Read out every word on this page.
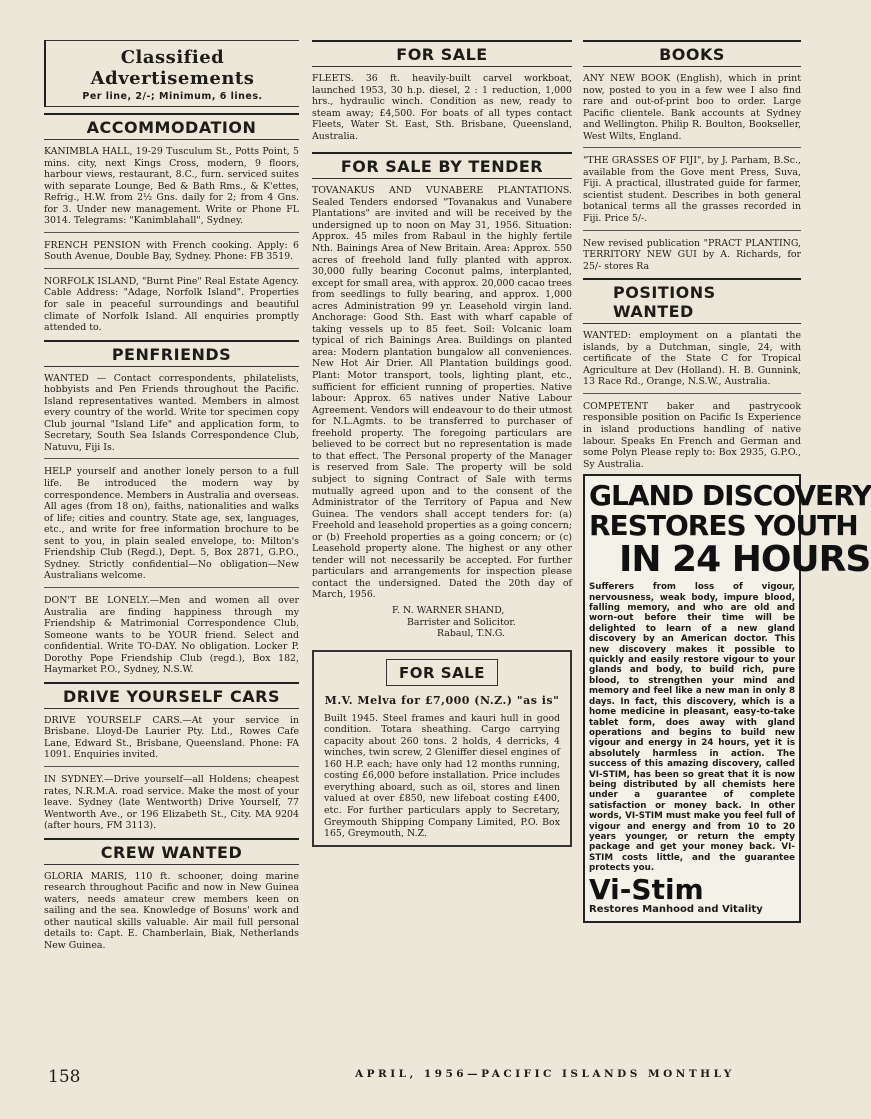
Classified Advertisements
Per line, 2/-; Minimum, 6 lines.
ACCOMMODATION

KANIMBLA HALL, 19-29 Tusculum St., Potts Point, 5 mins. city, next Kings Cross, modern, 9 floors, harbour views, restaurant, 8.C., furn. serviced suites with separate Lounge, Bed & Bath Rms., & K'ettes, Refrig., H.W. from 2½ Gns. daily for 2; from 4 Gns. for 3. Under new management. Write or Phone FL 3014. Telegrams: "Kanimblahall", Sydney.

FRENCH PENSION with French cooking. Apply: 6 South Avenue, Double Bay, Sydney. Phone: FB 3519.

NORFOLK ISLAND, "Burnt Pine" Real Estate Agency. Cable Address: "Adage, Norfolk Island". Properties for sale in peaceful surroundings and beautiful climate of Norfolk Island. All enquiries promptly attended to.

PENFRIENDS

WANTED — Contact correspondents, philatelists, hobbyists and Pen Friends throughout the Pacific. Island representatives wanted. Members in almost every country of the world. Write tor specimen copy Club journal "Island Life" and application form, to Secretary, South Sea Islands Correspondence Club, Natuvu, Fiji Is.

HELP yourself and another lonely person to a full life. Be introduced the modern way by correspondence. Members in Australia and overseas. All ages (from 18 on), faiths, nationalities and walks of life; cities and country. State age, sex, languages, etc., and write for free information brochure to be sent to you, in plain sealed envelope, to: Milton's Friendship Club (Regd.), Dept. 5, Box 2871, G.P.O., Sydney. Strictly confidential—No obligation—New Australians welcome.

DON'T BE LONELY.—Men and women all over Australia are finding happiness through my Friendship & Matrimonial Correspondence Club. Someone wants to be YOUR friend. Select and confidential. Write TO-DAY. No obligation. Locker P. Dorothy Pope Friendship Club (regd.), Box 182, Haymarket P.O., Sydney, N.S.W.

DRIVE YOURSELF CARS

DRIVE YOURSELF CARS.—At your service in Brisbane. Lloyd-De Laurier Pty. Ltd., Rowes Cafe Lane, Edward St., Brisbane, Queensland. Phone: FA 1091. Enquiries invited.

IN SYDNEY.—Drive yourself—all Holdens; cheapest rates, N.R.M.A. road service. Make the most of your leave. Sydney (late Wentworth) Drive Yourself, 77 Wentworth Ave., or 196 Elizabeth St., City. MA 9204 (after hours, FM 3113).

CREW WANTED

GLORIA MARIS, 110 ft. schooner, doing marine research throughout Pacific and now in New Guinea waters, needs amateur crew members keen on sailing and the sea. Knowledge of Bosuns' work and other nautical skills valuable. Air mail full personal details to: Capt. E. Chamberlain, Biak, Netherlands New Guinea.

FOR SALE

FLEETS. 36 ft. heavily-built carvel workboat, launched 1953, 30 h.p. diesel, 2 : 1 reduction, 1,000 hrs., hydraulic winch. Condition as new, ready to steam away; £4,500. For boats of all types contact Fleets, Water St. East, Sth. Brisbane, Queensland, Australia.

FOR SALE BY TENDER

TOVANAKUS AND VUNABERE PLANTATIONS. Sealed Tenders endorsed "Tovanakus and Vunabere Plantations" are invited and will be received by the undersigned up to noon on May 31, 1956. Situation: Approx. 45 miles from Rabaul in the highly fertile Nth. Bainings Area of New Britain. Area: Approx. 550 acres of freehold land fully planted with approx. 30,000 fully bearing Coconut palms, interplanted, except for small area, with approx. 20,000 cacao trees from seedlings to fully bearing, and approx. 1,000 acres Administration 99 yr. Leasehold virgin land. Anchorage: Good Sth. East with wharf capable of taking vessels up to 85 feet. Soil: Volcanic loam typical of rich Bainings Area. Buildings on planted area: Modern plantation bungalow all conveniences. New Hot Air Drier. All Plantation buildings good. Plant: Motor transport, tools, lighting plant, etc., sufficient for efficient running of properties. Native labour: Approx. 65 natives under Native Labour Agreement. Vendors will endeavour to do their utmost for N.L.Agmts. to be transferred to purchaser of freehold property. The foregoing particulars are believed to be correct but no representation is made to that effect. The Personal property of the Manager is reserved from Sale. The property will be sold subject to signing Contract of Sale with terms mutually agreed upon and to the consent of the Administrator of the Territory of Papua and New Guinea. The vendors shall accept tenders for: (a) Freehold and leasehold properties as a going concern; or (b) Freehold properties as a going concern; or (c) Leasehold property alone. The highest or any other tender will not necessarily be accepted. For further particulars and arrangements for inspection please contact the undersigned. Dated the 20th day of March, 1956.

F. N. WARNER SHAND,
Barrister and Solicitor.
Rabaul, T.N.G.
FOR SALE
M.V. Melva for £7,000 (N.Z.) "as is"

Built 1945. Steel frames and kauri hull in good condition. Totara sheathing. Cargo carrying capacity about 260 tons. 2 holds, 4 derricks, 4 winches, twin screw, 2 Gleniffer diesel engines of 160 H.P. each; have only had 12 months running, costing £6,000 before installation. Price includes everything aboard, such as oil, stores and linen valued at over £850, new lifeboat costing £400, etc. For further particulars apply to Secretary, Greymouth Shipping Company Limited, P.O. Box 165, Greymouth, N.Z.

BOOKS

ANY NEW BOOK (English), which in print now, posted to you in a few wee I also find rare and out-of-print boo to order. Large Pacific clientele. Bank accounts at Sydney and Wellington. Philip R. Boulton, Bookseller, West Wilts, England.

"THE GRASSES OF FIJI", by J. Parham, B.Sc., available from the Gove ment Press, Suva, Fiji. A practical, illustrated guide for farmer, scientist student. Describes in both general botanical terms all the grasses recorded in Fiji. Price 5/-.

New revised publication "PRACT PLANTING, TERRITORY NEW GUI by A. Richards, for 25/- stores Ra

POSITIONS WANTED

WANTED: employment on a plantati the islands, by a Dutchman, single, 24, with certificate of the State C for Tropical Agriculture at Dev (Holland). H. B. Gunnink, 13 Race Rd., Orange, N.S.W., Australia.

COMPETENT baker and pastrycook responsible position on Pacific Is Experience in island productions handling of native labour. Speaks En French and German and some Polyn Please reply to: Box 2935, G.P.O., Sy Australia.

GLAND DISCOVERY
RESTORES YOUTH
IN 24 HOURS

Sufferers from loss of vigour, nervousness, weak body, impure blood, falling memory, and who are old and worn-out before their time will be delighted to learn of a new gland discovery by an American doctor. This new discovery makes it possible to quickly and easily restore vigour to your glands and body, to build rich, pure blood, to strengthen your mind and memory and feel like a new man in only 8 days. In fact, this discovery, which is a home medicine in pleasant, easy-to-take tablet form, does away with gland operations and begins to build new vigour and energy in 24 hours, yet it is absolutely harmless in action. The success of this amazing discovery, called VI-STIM, has been so great that it is now being distributed by all chemists here under a guarantee of complete satisfaction or money back. In other words, VI-STIM must make you feel full of vigour and energy and from 10 to 20 years younger, or return the empty package and get your money back. VI-STIM costs little, and the guarantee protects you.

Vi-Stim
Restores Manhood and Vitality
158	APRIL, 1956—PACIFIC ISLANDS MONTHLY
